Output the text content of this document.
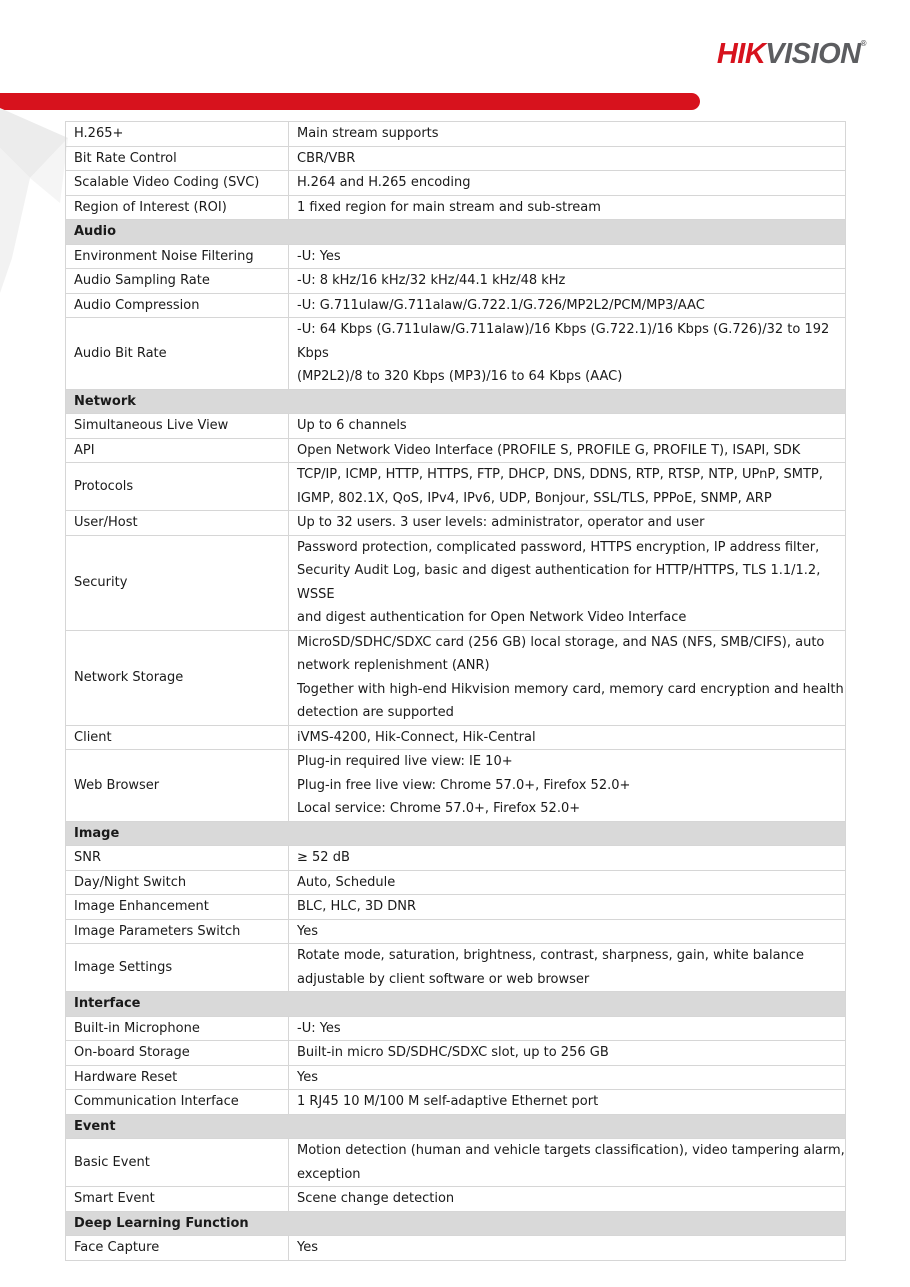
HIKVISION®
H.265+	Main stream supports
Bit Rate Control	CBR/VBR
Scalable Video Coding (SVC)	H.264 and H.265 encoding
Region of Interest (ROI)	1 fixed region for main stream and sub-stream
Audio	
Environment Noise Filtering	-U: Yes
Audio Sampling Rate	-U: 8 kHz/16 kHz/32 kHz/44.1 kHz/48 kHz
Audio Compression	-U: G.711ulaw/G.711alaw/G.722.1/G.726/MP2L2/PCM/MP3/AAC
Audio Bit Rate	-U: 64 Kbps (G.711ulaw/G.711alaw)/16 Kbps (G.722.1)/16 Kbps (G.726)/32 to 192 Kbps
(MP2L2)/8 to 320 Kbps (MP3)/16 to 64 Kbps (AAC)
Network	
Simultaneous Live View	Up to 6 channels
API	Open Network Video Interface (PROFILE S, PROFILE G, PROFILE T), ISAPI, SDK
Protocols	TCP/IP, ICMP, HTTP, HTTPS, FTP, DHCP, DNS, DDNS, RTP, RTSP, NTP, UPnP, SMTP,
IGMP, 802.1X, QoS, IPv4, IPv6, UDP, Bonjour, SSL/TLS, PPPoE, SNMP, ARP
User/Host	Up to 32 users. 3 user levels: administrator, operator and user
Security	Password protection, complicated password, HTTPS encryption, IP address filter,
Security Audit Log, basic and digest authentication for HTTP/HTTPS, TLS 1.1/1.2, WSSE
and digest authentication for Open Network Video Interface
Network Storage	MicroSD/SDHC/SDXC card (256 GB) local storage, and NAS (NFS, SMB/CIFS), auto
network replenishment (ANR)
Together with high-end Hikvision memory card, memory card encryption and health
detection are supported
Client	iVMS-4200, Hik-Connect, Hik-Central
Web Browser	Plug-in required live view: IE 10+
Plug-in free live view: Chrome 57.0+, Firefox 52.0+
Local service: Chrome 57.0+, Firefox 52.0+
Image	
SNR	≥ 52 dB
Day/Night Switch	Auto, Schedule
Image Enhancement	BLC, HLC, 3D DNR
Image Parameters Switch	Yes
Image Settings	Rotate mode, saturation, brightness, contrast, sharpness, gain, white balance
adjustable by client software or web browser
Interface	
Built-in Microphone	-U: Yes
On-board Storage	Built-in micro SD/SDHC/SDXC slot, up to 256 GB
Hardware Reset	Yes
Communication Interface	1 RJ45 10 M/100 M self-adaptive Ethernet port
Event	
Basic Event	Motion detection (human and vehicle targets classification), video tampering alarm,
exception
Smart Event	Scene change detection
Deep Learning Function	
Face Capture	Yes
